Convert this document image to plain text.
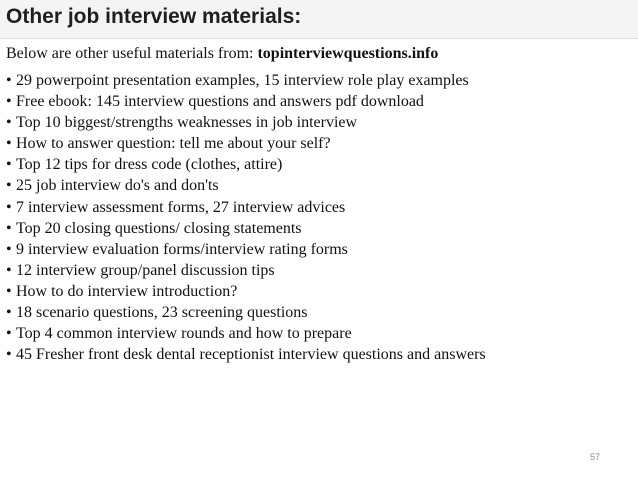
Other job interview materials:

Below are other useful materials from: topinterviewquestions.info

• 29 powerpoint presentation examples, 15 interview role play examples
• Free ebook: 145 interview questions and answers pdf download
• Top 10 biggest/strengths weaknesses in job interview
• How to answer question: tell me about your self?
• Top 12 tips for dress code (clothes, attire)
• 25 job interview do's and don'ts
• 7 interview assessment forms, 27 interview advices
• Top 20 closing questions/ closing statements
• 9 interview evaluation forms/interview rating forms
• 12 interview group/panel discussion tips
• How to do interview introduction?
• 18 scenario questions, 23 screening questions
• Top 4 common interview rounds and how to prepare
• 45 Fresher front desk dental receptionist interview questions and answers
57
